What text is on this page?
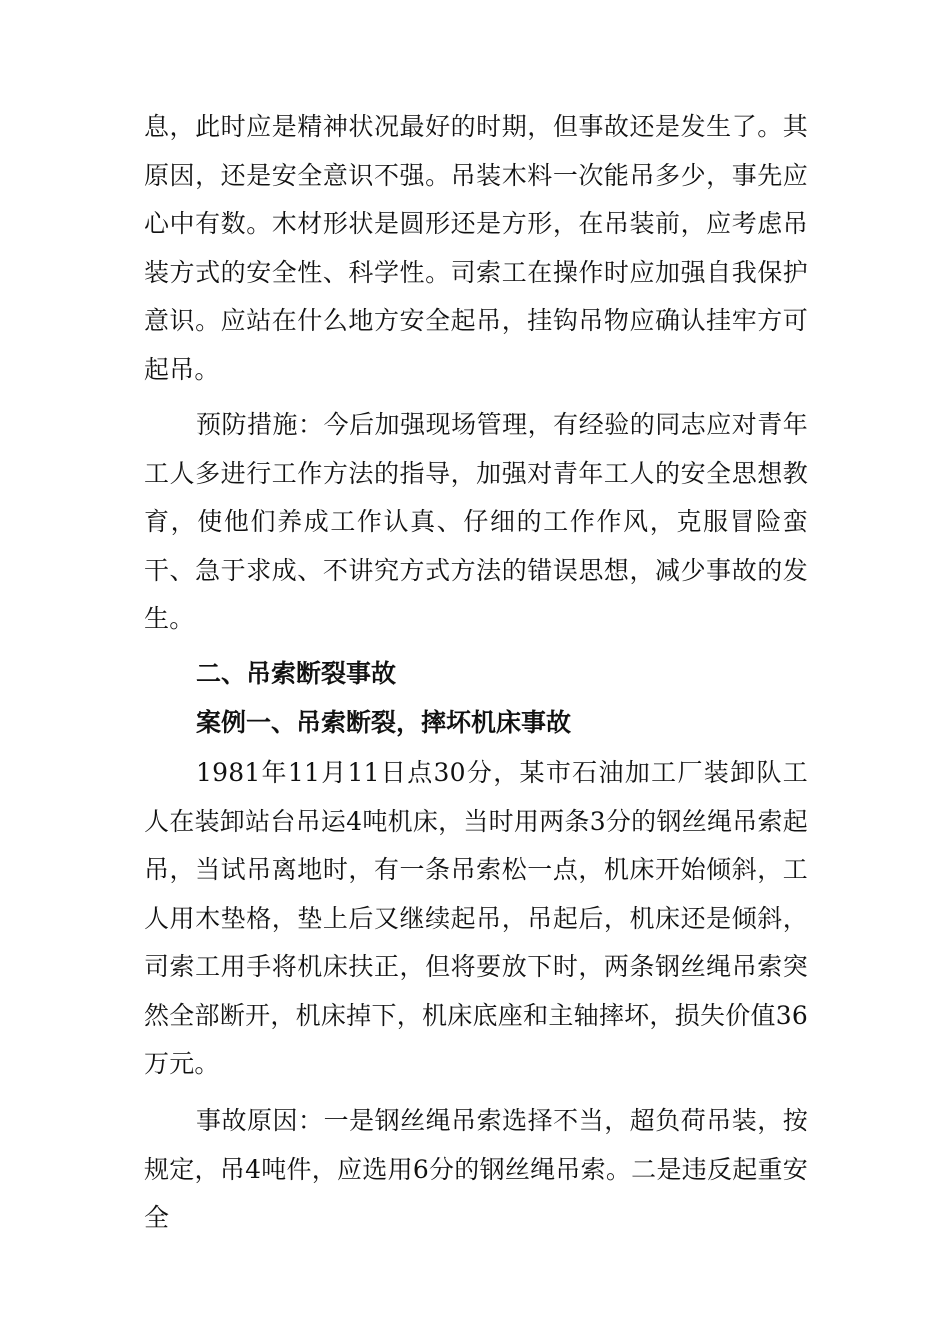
息，此时应是精神状况最好的时期，但事故还是发生了。其原因，还是安全意识不强。吊装木料一次能吊多少，事先应心中有数。木材形状是圆形还是方形，在吊装前，应考虑吊装方式的安全性、科学性。司索工在操作时应加强自我保护意识。应站在什么地方安全起吊，挂钩吊物应确认挂牢方可起吊。

预防措施：今后加强现场管理，有经验的同志应对青年工人多进行工作方法的指导，加强对青年工人的安全思想教育，使他们养成工作认真、仔细的工作作风，克服冒险蛮干、急于求成、不讲究方式方法的错误思想，减少事故的发生。

二、吊索断裂事故
案例一、吊索断裂，摔坏机床事故

1981年11月11日点30分，某市石油加工厂装卸队工人在装卸站台吊运4吨机床，当时用两条3分的钢丝绳吊索起吊，当试吊离地时，有一条吊索松一点，机床开始倾斜，工人用木垫格，垫上后又继续起吊，吊起后，机床还是倾斜，司索工用手将机床扶正，但将要放下时，两条钢丝绳吊索突然全部断开，机床掉下，机床底座和主轴摔坏，损失价值36万元。

事故原因：一是钢丝绳吊索选择不当，超负荷吊装，按规定，吊4吨件，应选用6分的钢丝绳吊索。二是违反起重安全
